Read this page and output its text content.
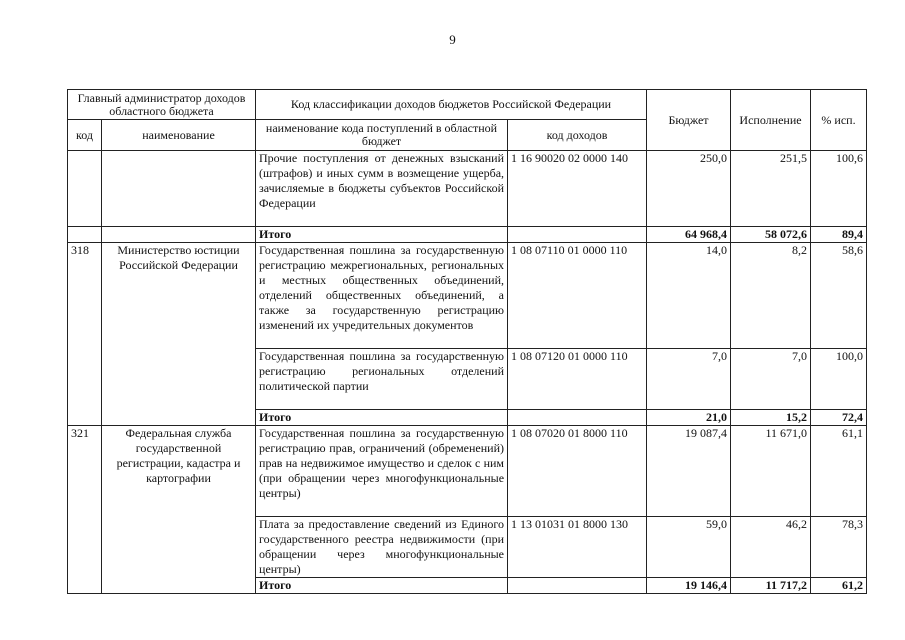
9
Главный администратор доходов областного бюджета		Код классификации доходов бюджетов Российской Федерации		Бюджет	Исполнение	% исп.
код	наименование	наименование кода поступлений в областной бюджет	код доходов			

		Прочие поступления от денежных взысканий (штрафов) и иных сумм в возмещение ущерба, зачисляемые в бюджеты субъектов Российской Федерации	1 16 90020 02 0000 140	250,0	251,5	100,6
		Итого		64 968,4	58 072,6	89,4
318	Министерство юстиции Российской Федерации	Государственная пошлина за государственную регистрацию межрегиональных, региональных и местных общественных объединений, отделений общественных объединений, а также за государственную регистрацию изменений их учредительных документов	1 08 07110 01 0000 110	14,0	8,2	58,6

		Государственная пошлина за государственную регистрацию региональных отделений политической партии	1 08 07120 01 0000 110	7,0	7,0	100,0
		Итого		21,0	15,2	72,4
321	Федеральная служба государственной регистрации, кадастра и картографии	Государственная пошлина за государственную регистрацию прав, ограничений (обременений) прав на недвижимое имущество и сделок с ним (при обращении через многофункциональные центры)	1 08 07020 01 8000 110	19 087,4	11 671,0	61,1

		Плата за предоставление сведений из Единого государственного реестра недвижимости (при обращении через многофункциональные центры)	1 13 01031 01 8000 130	59,0	46,2	78,3
		Итого		19 146,4	11 717,2	61,2
